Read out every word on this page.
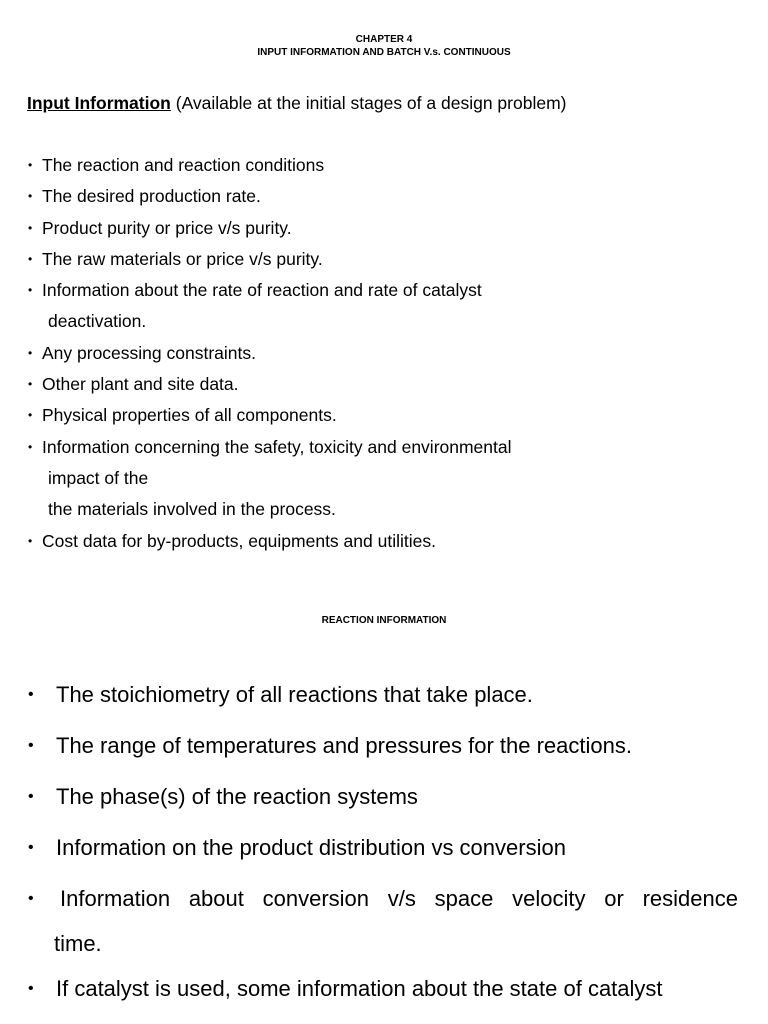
CHAPTER 4
INPUT INFORMATION AND BATCH V.s. CONTINUOUS
Input Information (Available at the initial stages of a design problem)
• The reaction and reaction conditions
• The desired production rate.
• Product purity or price v/s purity.
• The raw materials or price v/s purity.
• Information about the rate of reaction and rate of catalyst
deactivation.
• Any processing constraints.
• Other plant and site data.
• Physical properties of all components.
• Information concerning the safety, toxicity and environmental
impact of the
the materials involved in the process.
• Cost data for by-products, equipments and utilities.
REACTION INFORMATION
• The stoichiometry of all reactions that take place.
• The range of temperatures and pressures for the reactions.
• The phase(s) of the reaction systems
• Information on the product distribution vs conversion
• Information about conversion v/s space velocity or residence
time.
• If catalyst is used, some information about the state of catalyst
